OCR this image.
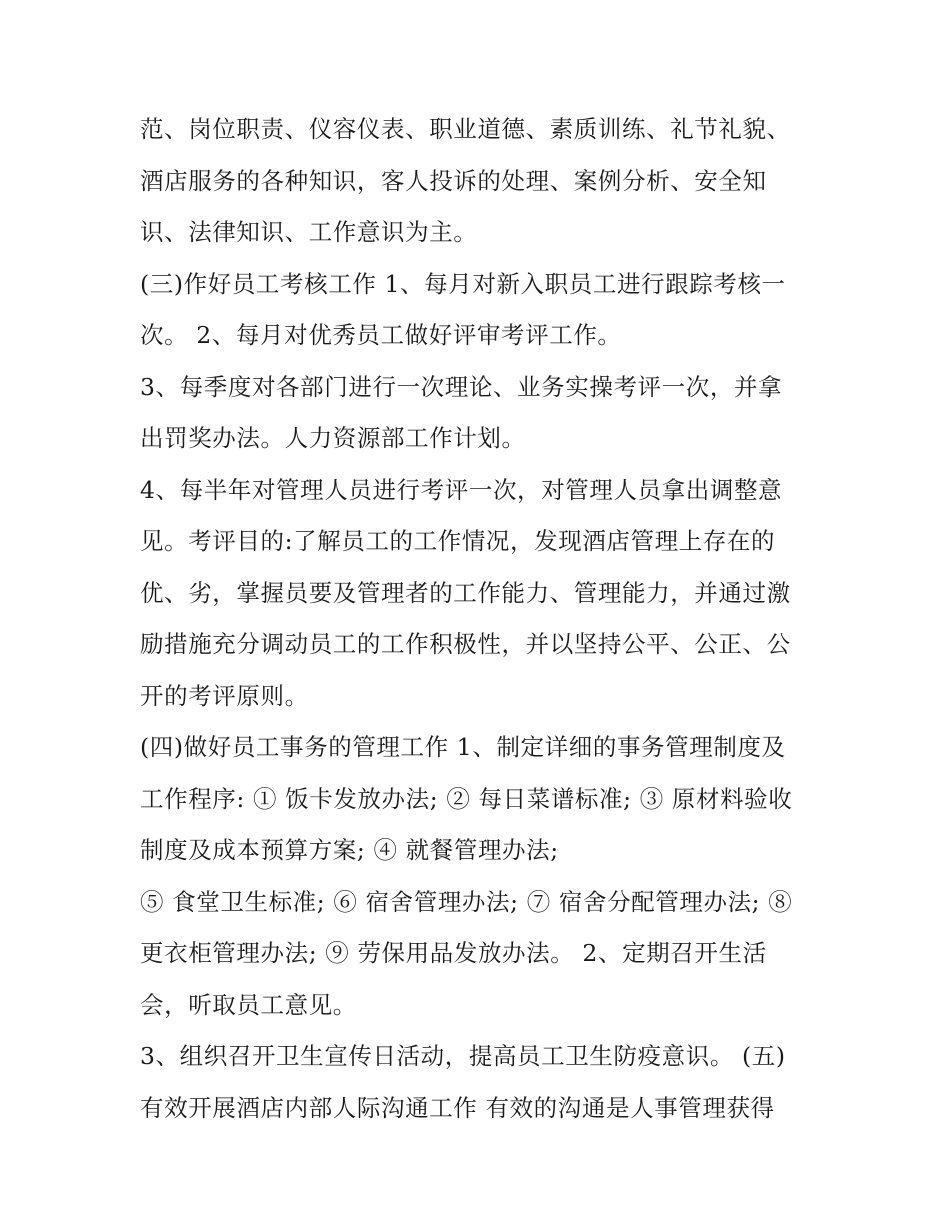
范、岗位职责、仪容仪表、职业道德、素质训练、礼节礼貌、
酒店服务的各种知识，客人投诉的处理、案例分析、安全知
识、法律知识、工作意识为主。
(三)作好员工考核工作 1、每月对新入职员工进行跟踪考核一
次。 2、每月对优秀员工做好评审考评工作。
3、每季度对各部门进行一次理论、业务实操考评一次，并拿
出罚奖办法。人力资源部工作计划。
4、每半年对管理人员进行考评一次，对管理人员拿出调整意
见。考评目的:了解员工的工作情况，发现酒店管理上存在的
优、劣，掌握员要及管理者的工作能力、管理能力，并通过激
励措施充分调动员工的工作积极性，并以坚持公平、公正、公
开的考评原则。
(四)做好员工事务的管理工作 1、制定详细的事务管理制度及
工作程序: ① 饭卡发放办法; ② 每日菜谱标准; ③ 原材料验收
制度及成本预算方案; ④ 就餐管理办法;
⑤ 食堂卫生标准; ⑥ 宿舍管理办法; ⑦ 宿舍分配管理办法; ⑧
更衣柜管理办法; ⑨ 劳保用品发放办法。 2、定期召开生活
会，听取员工意见。
3、组织召开卫生宣传日活动，提高员工卫生防疫意识。 (五)
有效开展酒店内部人际沟通工作 有效的沟通是人事管理获得
